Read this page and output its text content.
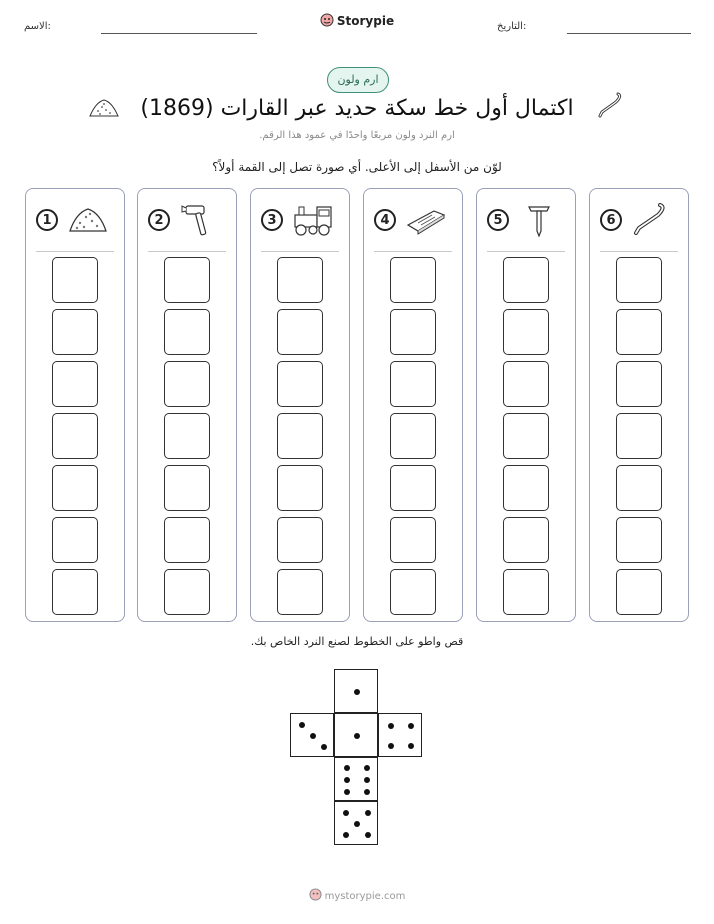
الاسم:	التاريخ:
Storypie
ارم ولون
اكتمال أول خط سكة حديد عبر القارات (1869)
ارم النرد ولون مربعًا واحدًا في عمود هذا الرقم.
لوّن من الأسفل إلى الأعلى. أي صورة تصل إلى القمة أولاً؟
1	2	3	4	5	6
قص واطو على الخطوط لصنع النرد الخاص بك.
mystorypie.com
